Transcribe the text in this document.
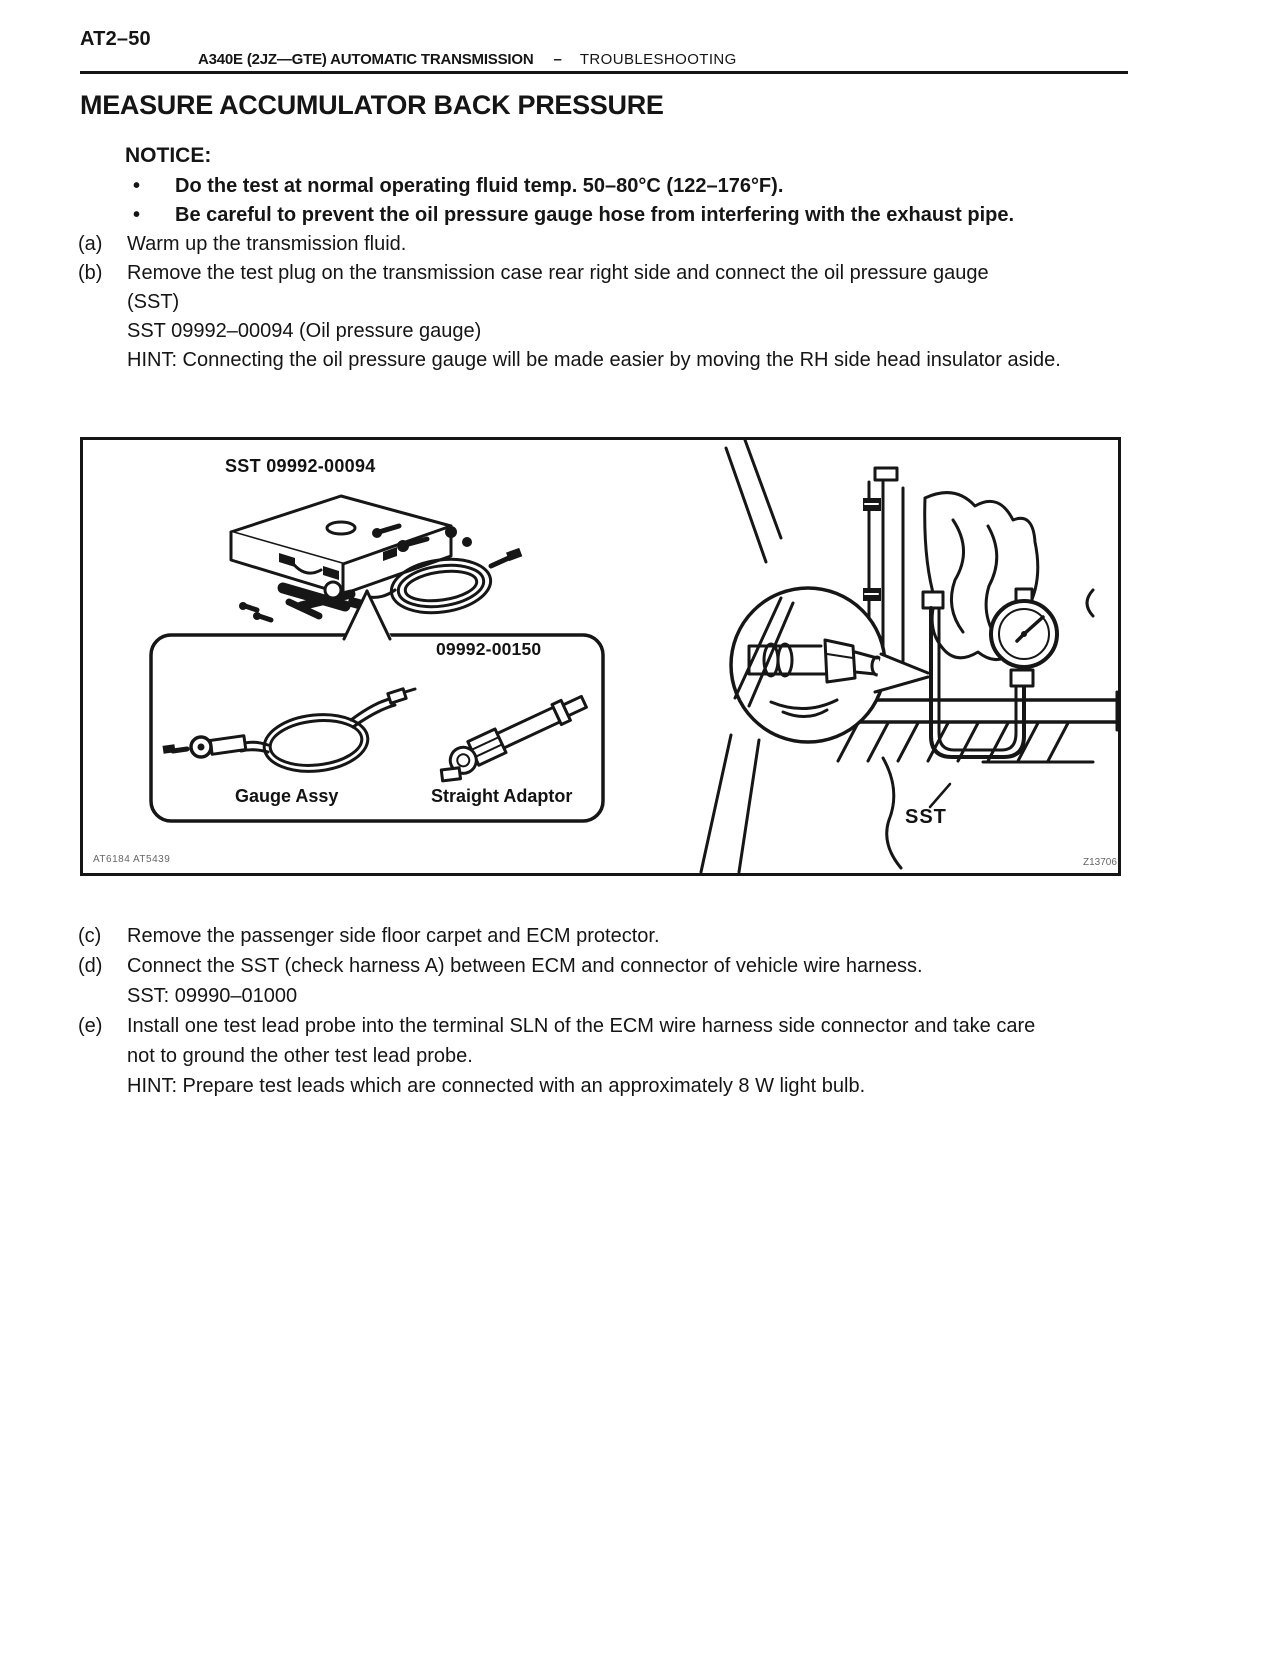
AT2–50
A340E (2JZ—GTE) AUTOMATIC TRANSMISSION – TROUBLESHOOTING
MEASURE ACCUMULATOR BACK PRESSURE
NOTICE:
•	Do the test at normal operating fluid temp. 50–80°C (122–176°F).
•	Be careful to prevent the oil pressure gauge hose from interfering with the exhaust pipe.
(a)	Warm up the transmission fluid.
(b)	Remove the test plug on the transmission case rear right side and connect the oil pressure gauge
(SST)
SST 09992–00094 (Oil pressure gauge)
HINT: Connecting the oil pressure gauge will be made easier by moving the RH side head insulator aside.
SST 09992-00094
09992-00150
Gauge Assy	Straight Adaptor
SST
AT6184 AT5439	Z13706
(c)	Remove the passenger side floor carpet and ECM protector.
(d)	Connect the SST (check harness A) between ECM and connector of vehicle wire harness.
SST: 09990–01000
(e)	Install one test lead probe into the terminal SLN of the ECM wire harness side connector and take care
not to ground the other test lead probe.
HINT: Prepare test leads which are connected with an approximately 8 W light bulb.
